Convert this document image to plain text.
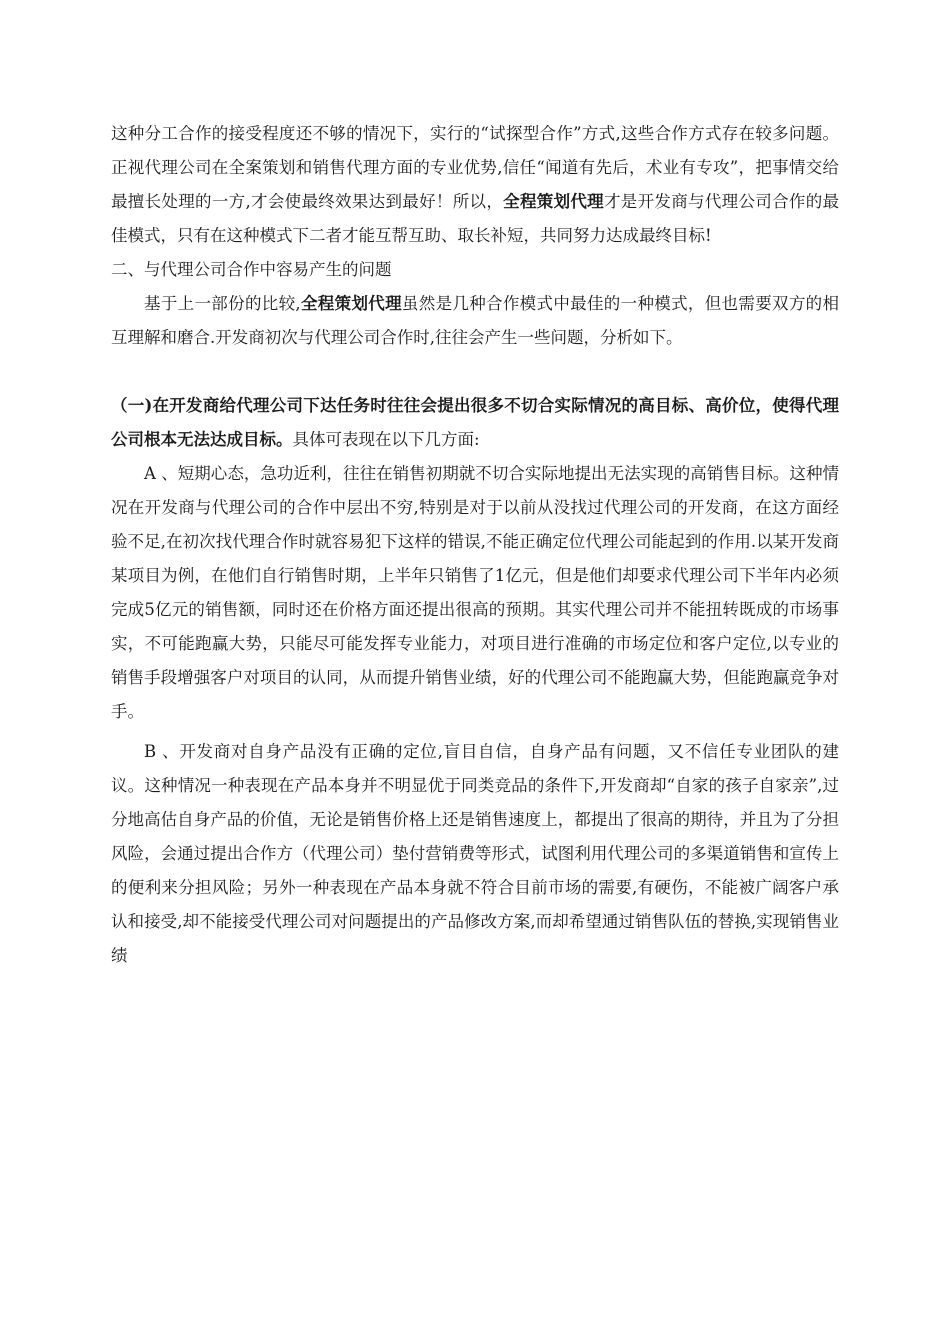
这种分工合作的接受程度还不够的情况下，实行的“试探型合作”方式,这些合作方式存在较多问题。正视代理公司在全案策划和销售代理方面的专业优势,信任“闻道有先后，术业有专攻”，把事情交给最擅长处理的一方,才会使最终效果达到最好！所以，全程策划代理才是开发商与代理公司合作的最佳模式，只有在这种模式下二者才能互帮互助、取长补短，共同努力达成最终目标!

二、与代理公司合作中容易产生的问题

基于上一部份的比较,全程策划代理虽然是几种合作模式中最佳的一种模式，但也需要双方的相互理解和磨合.开发商初次与代理公司合作时,往往会产生一些问题，分析如下。

（一)在开发商给代理公司下达任务时往往会提出很多不切合实际情况的高目标、高价位，使得代理公司根本无法达成目标。具体可表现在以下几方面:

A 、短期心态，急功近利，往往在销售初期就不切合实际地提出无法实现的高销售目标。这种情况在开发商与代理公司的合作中层出不穷,特别是对于以前从没找过代理公司的开发商，在这方面经验不足,在初次找代理合作时就容易犯下这样的错误,不能正确定位代理公司能起到的作用.以某开发商某项目为例，在他们自行销售时期，上半年只销售了1亿元，但是他们却要求代理公司下半年内必须完成5亿元的销售额，同时还在价格方面还提出很高的预期。其实代理公司并不能扭转既成的市场事实，不可能跑赢大势，只能尽可能发挥专业能力，对项目进行准确的市场定位和客户定位,以专业的销售手段增强客户对项目的认同，从而提升销售业绩，好的代理公司不能跑赢大势，但能跑赢竞争对手。

B 、开发商对自身产品没有正确的定位,盲目自信，自身产品有问题，又不信任专业团队的建议。这种情况一种表现在产品本身并不明显优于同类竞品的条件下,开发商却“自家的孩子自家亲”,过分地高估自身产品的价值，无论是销售价格上还是销售速度上，都提出了很高的期待，并且为了分担风险，会通过提出合作方（代理公司）垫付营销费等形式，试图利用代理公司的多渠道销售和宣传上的便利来分担风险；另外一种表现在产品本身就不符合目前市场的需要,有硬伤，不能被广阔客户承认和接受,却不能接受代理公司对问题提出的产品修改方案,而却希望通过销售队伍的替换,实现销售业绩
